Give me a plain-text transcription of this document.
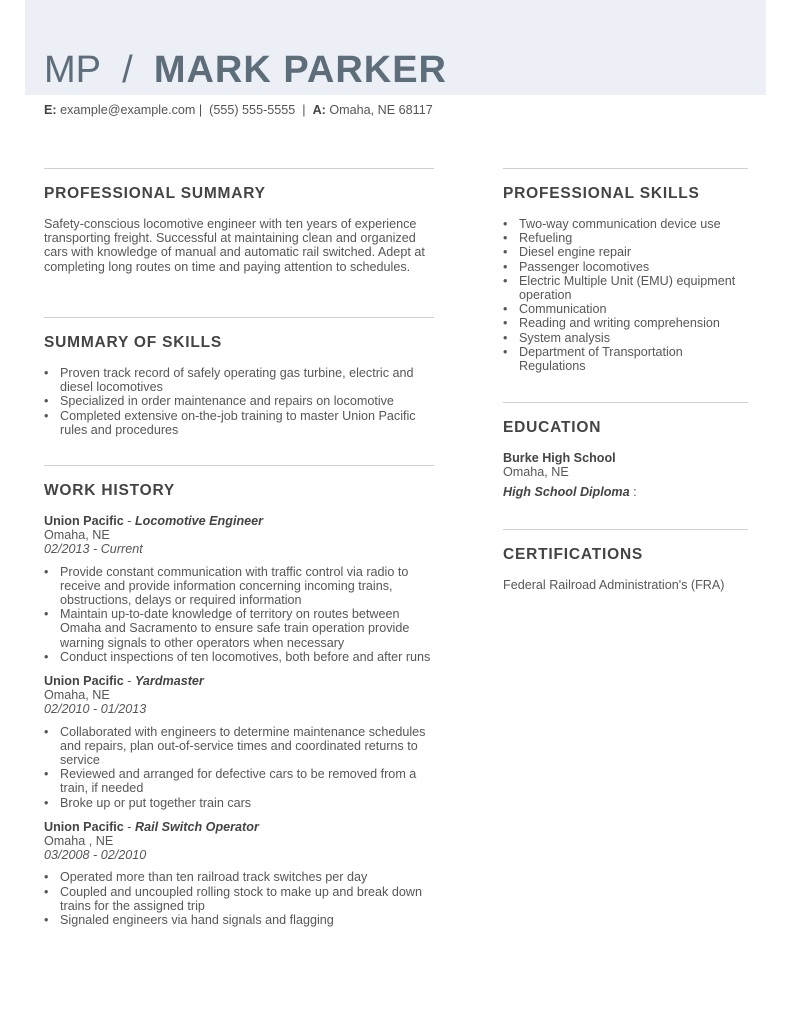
MP / MARK PARKER
E: example@example.com |  (555) 555-5555  |  A: Omaha, NE 68117
PROFESSIONAL SUMMARY

Safety-conscious locomotive engineer with ten years of experience transporting freight. Successful at maintaining clean and organized cars with knowledge of manual and automatic rail switched. Adept at completing long routes on time and paying attention to schedules.

SUMMARY OF SKILLS
• Proven track record of safely operating gas turbine, electric and diesel locomotives
• Specialized in order maintenance and repairs on locomotive
• Completed extensive on-the-job training to master Union Pacific rules and procedures
WORK HISTORY
Union Pacific - Locomotive Engineer
Omaha, NE
02/2013 - Current
• Provide constant communication with traffic control via radio to receive and provide information concerning incoming trains, obstructions, delays or required information
• Maintain up-to-date knowledge of territory on routes between Omaha and Sacramento to ensure safe train operation provide warning signals to other operators when necessary
• Conduct inspections of ten locomotives, both before and after runs
Union Pacific - Yardmaster
Omaha, NE
02/2010 - 01/2013
• Collaborated with engineers to determine maintenance schedules and repairs, plan out-of-service times and coordinated returns to service
• Reviewed and arranged for defective cars to be removed from a train, if needed
• Broke up or put together train cars
Union Pacific - Rail Switch Operator
Omaha , NE
03/2008 - 02/2010
• Operated more than ten railroad track switches per day
• Coupled and uncoupled rolling stock to make up and break down trains for the assigned trip
• Signaled engineers via hand signals and flagging
PROFESSIONAL SKILLS
• Two-way communication device use
• Refueling
• Diesel engine repair
• Passenger locomotives
• Electric Multiple Unit (EMU) equipment operation
• Communication
• Reading and writing comprehension
• System analysis
• Department of Transportation Regulations
EDUCATION
Burke High School
Omaha, NE
High School Diploma :
CERTIFICATIONS
Federal Railroad Administration's (FRA)
